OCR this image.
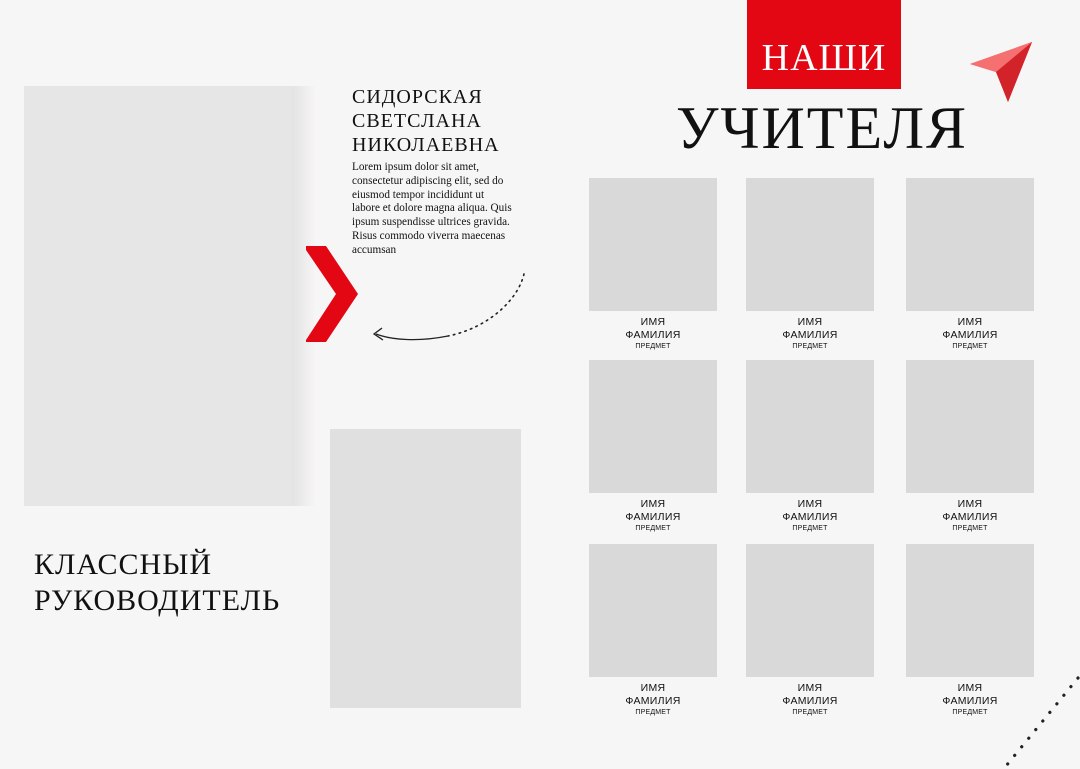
НАШИ
УЧИТЕЛЯ
СИДОРСКАЯ
СВЕТСЛАНА
НИКОЛАЕВНА
Lorem ipsum dolor sit amet, consectetur adipiscing elit, sed do eiusmod tempor incididunt ut labore et dolore magna aliqua. Quis ipsum suspendisse ultrices gravida. Risus commodo viverra maecenas accumsan
КЛАССНЫЙ
РУКОВОДИТЕЛЬ
ИМЯ
ФАМИЛИЯ
ПРЕДМЕТ
ИМЯ
ФАМИЛИЯ
ПРЕДМЕТ
ИМЯ
ФАМИЛИЯ
ПРЕДМЕТ
ИМЯ
ФАМИЛИЯ
ПРЕДМЕТ
ИМЯ
ФАМИЛИЯ
ПРЕДМЕТ
ИМЯ
ФАМИЛИЯ
ПРЕДМЕТ
ИМЯ
ФАМИЛИЯ
ПРЕДМЕТ
ИМЯ
ФАМИЛИЯ
ПРЕДМЕТ
ИМЯ
ФАМИЛИЯ
ПРЕДМЕТ
